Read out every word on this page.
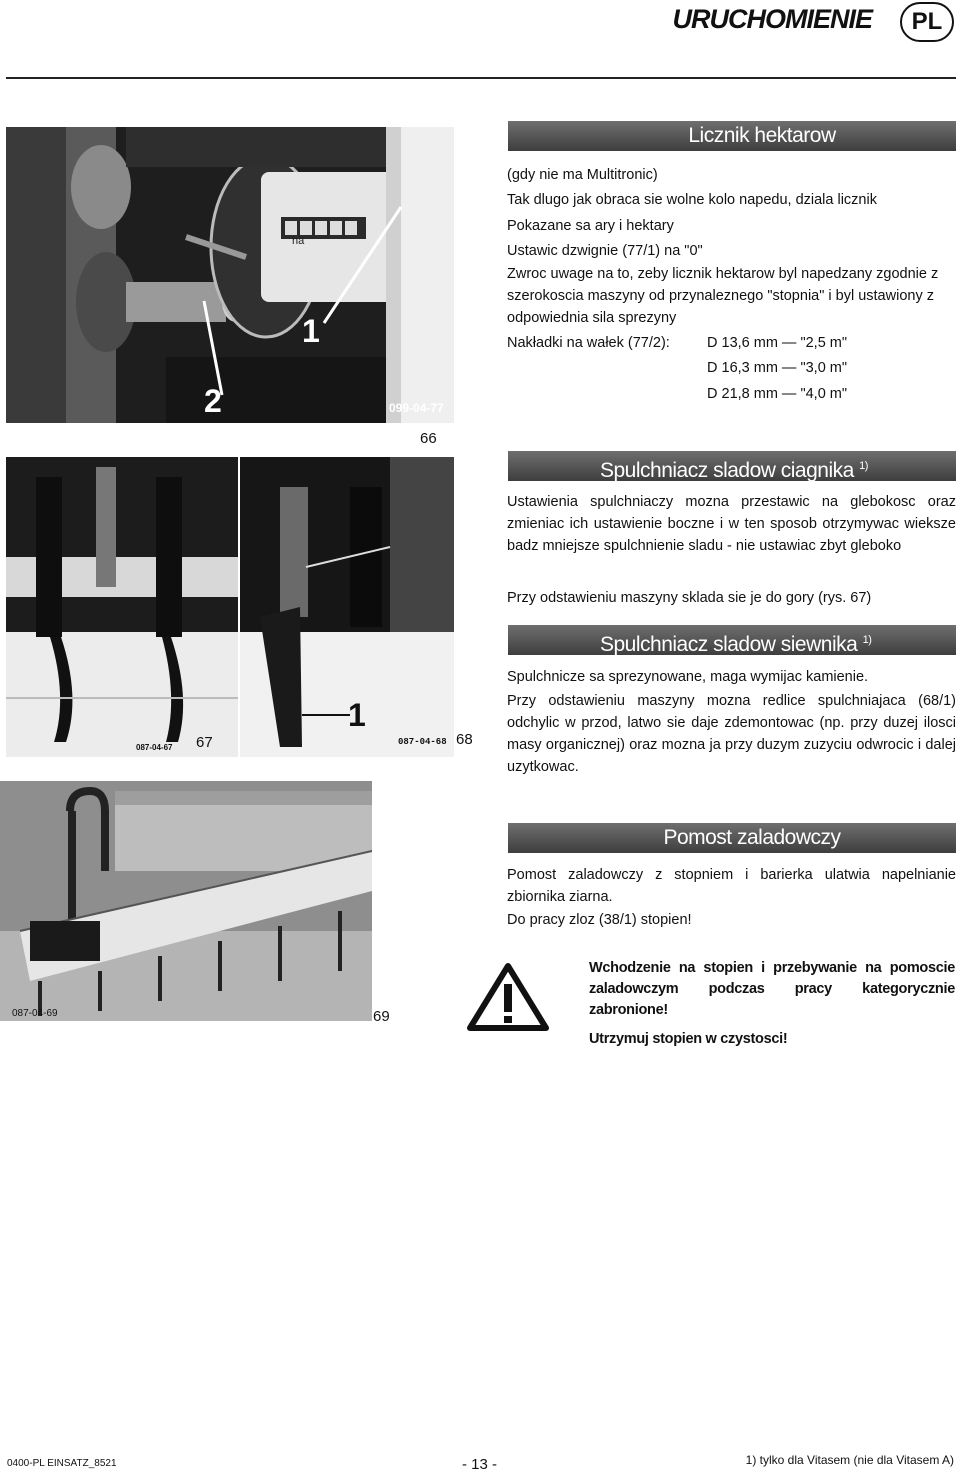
URUCHOMIENIE	PL
1
2
ha
099-04-77
66
Licznik hektarow
(gdy nie ma Multitronic)
Tak dlugo jak obraca sie wolne kolo napedu, dziala licznik
Pokazane sa ary i hektary
Ustawic dzwignie (77/1) na "0"
Zwroc uwage na to, zeby licznik hektarow byl napedzany zgodnie z szerokoscia maszyny od przynaleznego "stopnia" i byl ustawiony z odpowiednia sila sprezyny
Nakładki na wałek (77/2):	D 13,6 mm — "2,5 m"
D 16,3 mm — "3,0 m"
D 21,8 mm — "4,0 m"
087-04-67 67
1
087-04-68 68
Spulchniacz sladow ciagnika $^{1)}$
Ustawienia spulchniaczy mozna przestawic na glebokosc oraz zmieniac ich ustawienie boczne i w ten sposob otrzymywac wieksze badz mniejsze spulchnienie sladu - nie ustawiac zbyt gleboko
Przy odstawieniu maszyny sklada sie je do gory (rys. 67)
Spulchniacz sladow siewnika $^{1)}$
Spulchnicze sa sprezynowane, maga wymijac kamienie.
Przy odstawieniu maszyny mozna redlice spulchniajaca (68/1) odchylic w przod, latwo sie daje zdemontowac (np. przy duzej ilosci masy organicznej) oraz mozna ja przy duzym zuzyciu odwrocic i dalej uzytkowac.
087-04-69	69
Pomost zaladowczy
Pomost zaladowczy z stopniem i barierka ulatwia napelnianie zbiornika ziarna.
Do pracy zloz (38/1) stopien!
Wchodzenie na stopien i przebywanie na pomoscie zaladowczym podczas pracy kategorycznie zabronione!
Utrzymuj stopien w czystosci!
0400-PL EINSATZ_8521	- 13 -	1) tylko dla Vitasem (nie dla Vitasem A)
